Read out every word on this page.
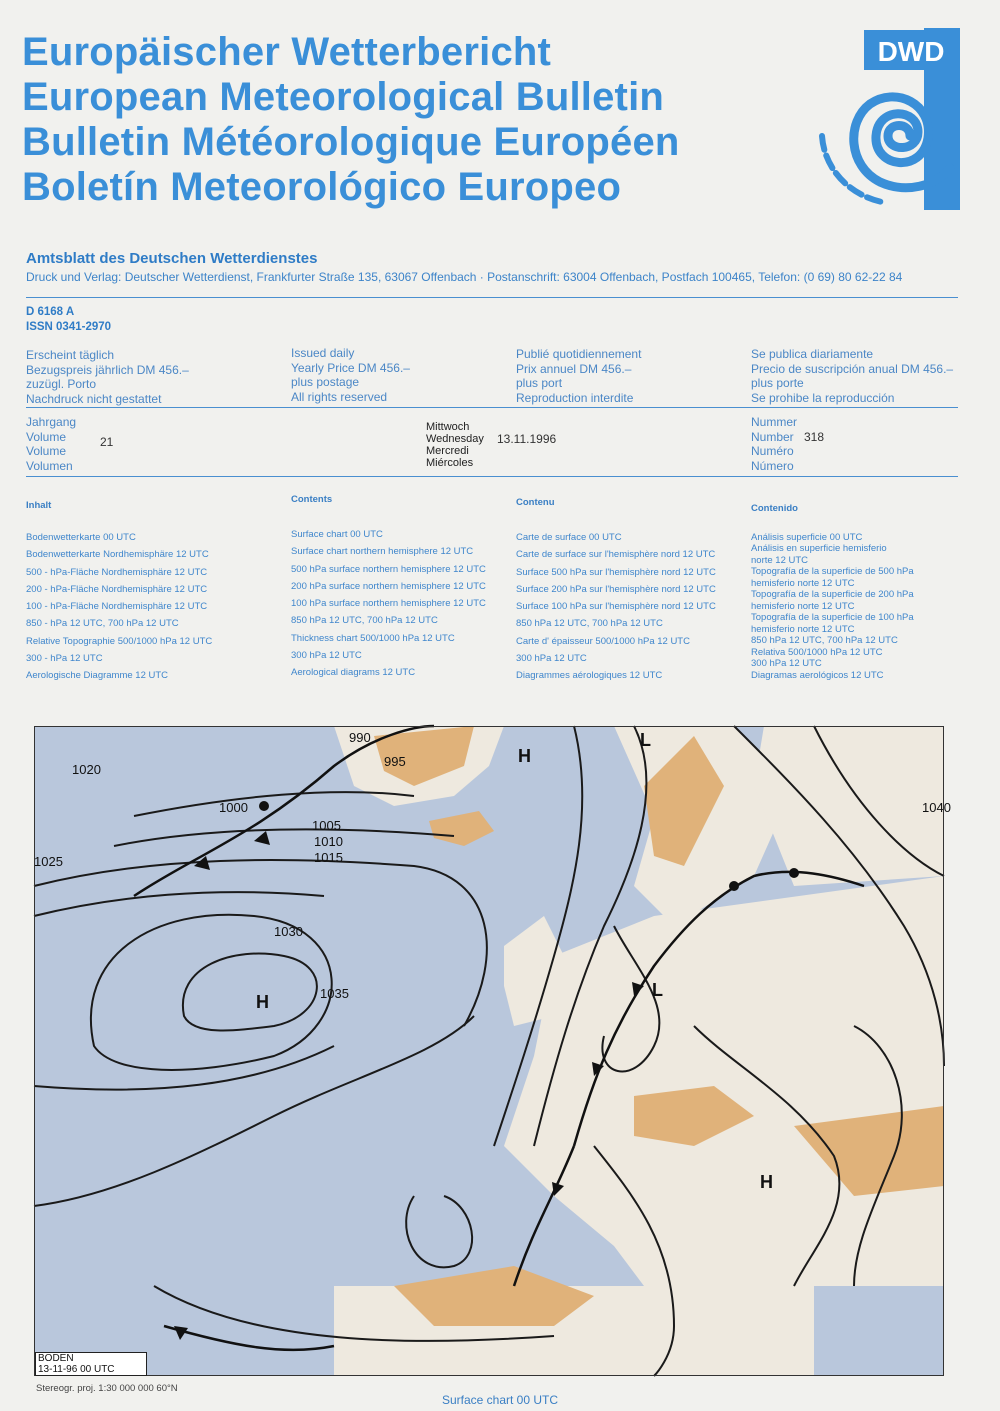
Europäischer Wetterbericht
European Meteorological Bulletin
Bulletin Météorologique Européen
Boletín Meteorológico Europeo
DWD
Amtsblatt des Deutschen Wetterdienstes
Druck und Verlag: Deutscher Wetterdienst, Frankfurter Straße 135, 63067 Offenbach · Postanschrift: 63004 Offenbach, Postfach 100465, Telefon: (0 69) 80 62-22 84
D 6168 A
ISSN 0341-2970
Erscheint täglich
Bezugspreis jährlich DM 456.–
zuzügl. Porto
Nachdruck nicht gestattet
Issued daily
Yearly Price DM 456.–
plus postage
All rights reserved
Publié quotidiennement
Prix annuel DM 456.–
plus port
Reproduction interdite
Se publica diariamente
Precio de suscripción anual DM 456.–
plus porte
Se prohibe la reproducción
Jahrgang
Volume
Volume
Volumen
21
Mittwoch
Wednesday
Mercredi
Miércoles
13.11.1996
Nummer
Number
Numéro
Número
318
Inhalt
Bodenwetterkarte 00 UTC
Bodenwetterkarte Nordhemisphäre 12 UTC
500 - hPa-Fläche Nordhemisphäre 12 UTC
200 - hPa-Fläche Nordhemisphäre 12 UTC
100 - hPa-Fläche Nordhemisphäre 12 UTC
850 - hPa 12 UTC, 700 hPa 12 UTC
Relative Topographie 500/1000 hPa 12 UTC
300 - hPa 12 UTC
Aerologische Diagramme 12 UTC
Contents
Surface chart 00 UTC
Surface chart northern hemisphere 12 UTC
500 hPa surface northern hemisphere 12 UTC
200 hPa surface northern hemisphere 12 UTC
100 hPa surface northern hemisphere 12 UTC
850 hPa 12 UTC, 700 hPa 12 UTC
Thickness chart 500/1000 hPa 12 UTC
300 hPa 12 UTC
Aerological diagrams 12 UTC
Contenu
Carte de surface 00 UTC
Carte de surface sur l'hemisphère nord 12 UTC
Surface 500 hPa sur l'hemisphère nord 12 UTC
Surface 200 hPa sur l'hemisphère nord 12 UTC
Surface 100 hPa sur l'hemisphère nord 12 UTC
850 hPa 12 UTC, 700 hPa 12 UTC
Carte d' épaisseur 500/1000 hPa 12 UTC
300 hPa 12 UTC
Diagrammes aérologiques 12 UTC
Contenido
Análisis superficie 00 UTC
Análisis en superficie hemisferio
norte 12 UTC
Topografía de la superficie de 500 hPa
hemisferio norte 12 UTC
Topografía de la superficie de 200 hPa
hemisferio norte 12 UTC
Topografía de la superficie de 100 hPa
hemisferio norte 12 UTC
850 hPa 12 UTC, 700 hPa 12 UTC
Relativa 500/1000 hPa 12 UTC
300 hPa 12 UTC
Diagramas aerológicos 12 UTC
990
995
1000
1005
1010
1015
1020
1025
1030
1035
1040
H
H
H
L
L
BODEN
13-11-96 00 UTC
Stereogr. proj. 1:30 000 000 60°N
Surface chart 00 UTC
